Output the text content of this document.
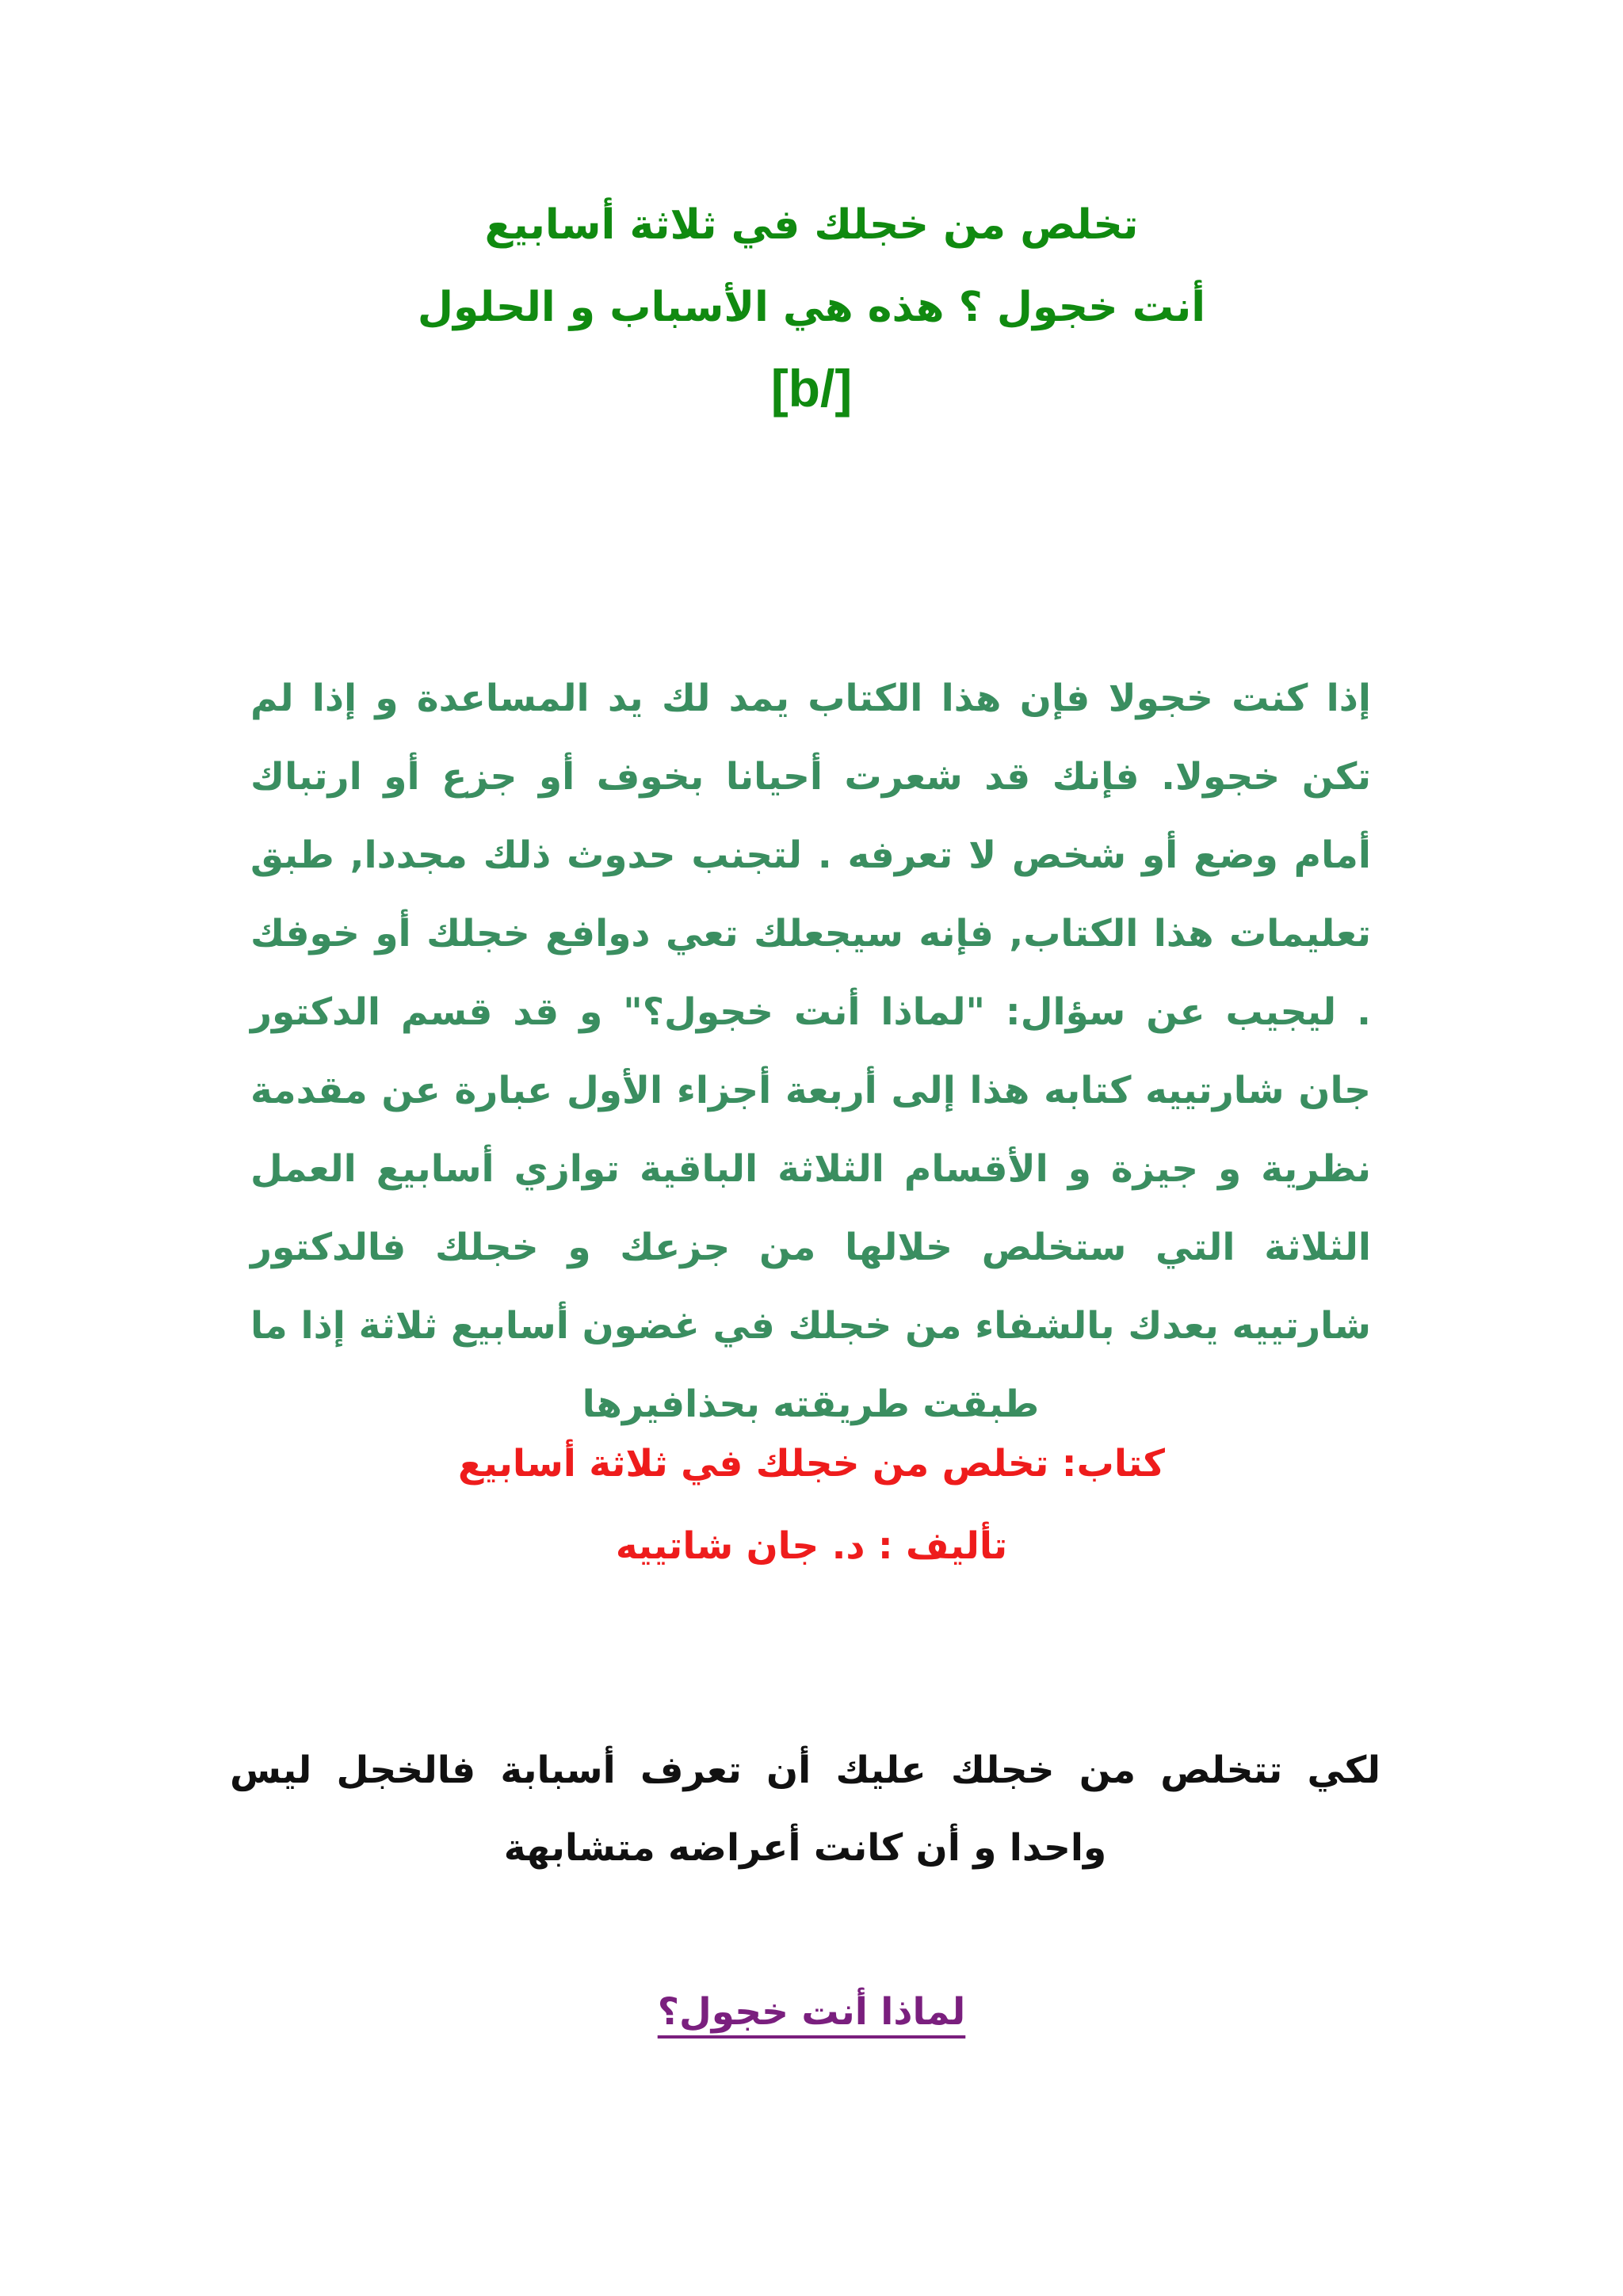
تخلص من خجلك في ثلاثة أسابيع

أنت خجول ؟ هذه هي الأسباب و الحلول

[b/]

إذا كنت خجولا فإن هذا الكتاب يمد لك يد المساعدة و إذا لم تكن خجولا. فإنك قد شعرت أحيانا بخوف أو جزع أو ارتباك أمام وضع أو شخص لا تعرفه . لتجنب حدوث ذلك مجددا, طبق تعليمات هذا الكتاب, فإنه سيجعلك تعي دوافع خجلك أو خوفك . ليجيب عن سؤال: "لماذا أنت خجول؟" و قد قسم الدكتور جان شارتييه كتابه هذا إلى أربعة أجزاء الأول عبارة عن مقدمة نظرية و جيزة و الأقسام الثلاثة الباقية توازي أسابيع العمل الثلاثة التي ستخلص خلالها من جزعك و خجلك فالدكتور شارتييه يعدك بالشفاء من خجلك في غضون أسابيع ثلاثة إذا ما طبقت طريقته بحذافيرها

كتاب: تخلص من خجلك في ثلاثة أسابيع

تأليف : د. جان شاتييه

لكي تتخلص من خجلك عليك أن تعرف أسبابة فالخجل ليس واحدا و أن كانت أعراضه متشابهة

لماذا أنت خجول؟
